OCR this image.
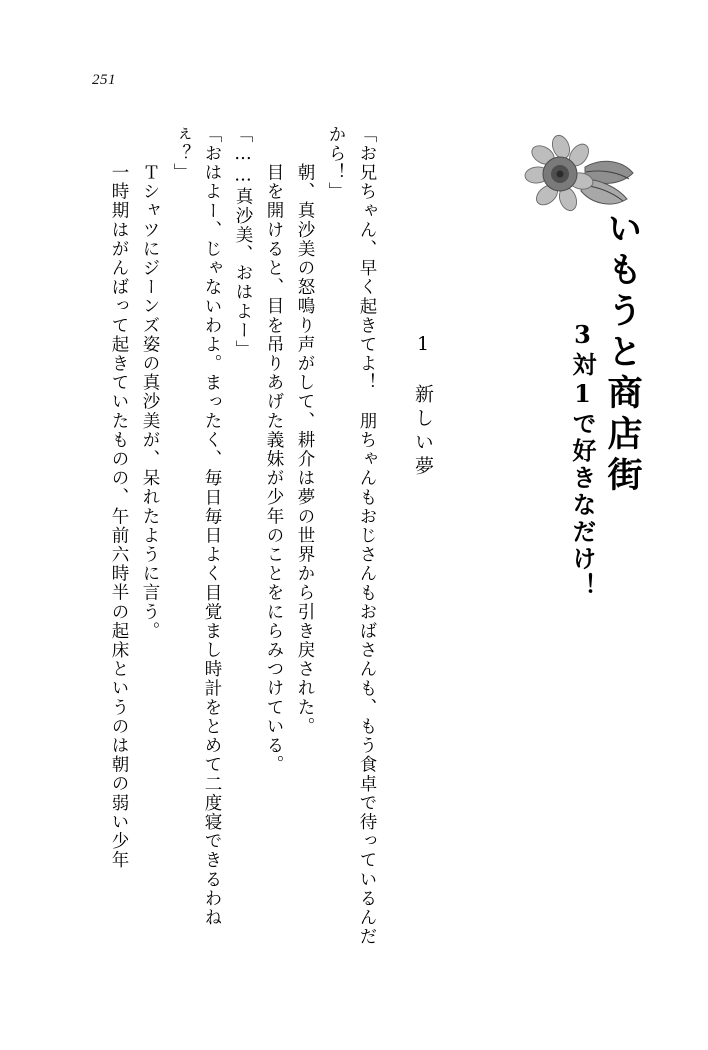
251
いもうと商店街
3対1で好きなだけ！
1　新しい夢

「お兄ちゃん、早く起きてよ！　朋ちゃんもおじさんもおばさんも、もう食卓で待っているんだから！」

　朝、真沙美の怒鳴り声がして、耕介は夢の世界から引き戻された。

　目を開けると、目を吊りあげた義妹が少年のことをにらみつけている。

「……真沙美、おはよー」

「おはよー、じゃないわよ。まったく、毎日毎日よく目覚まし時計をとめて二度寝できるわねぇ？」

　Ｔシャツにジーンズ姿の真沙美が、呆れたように言う。

　一時期はがんばって起きていたものの、午前六時半の起床というのは朝の弱い少年
